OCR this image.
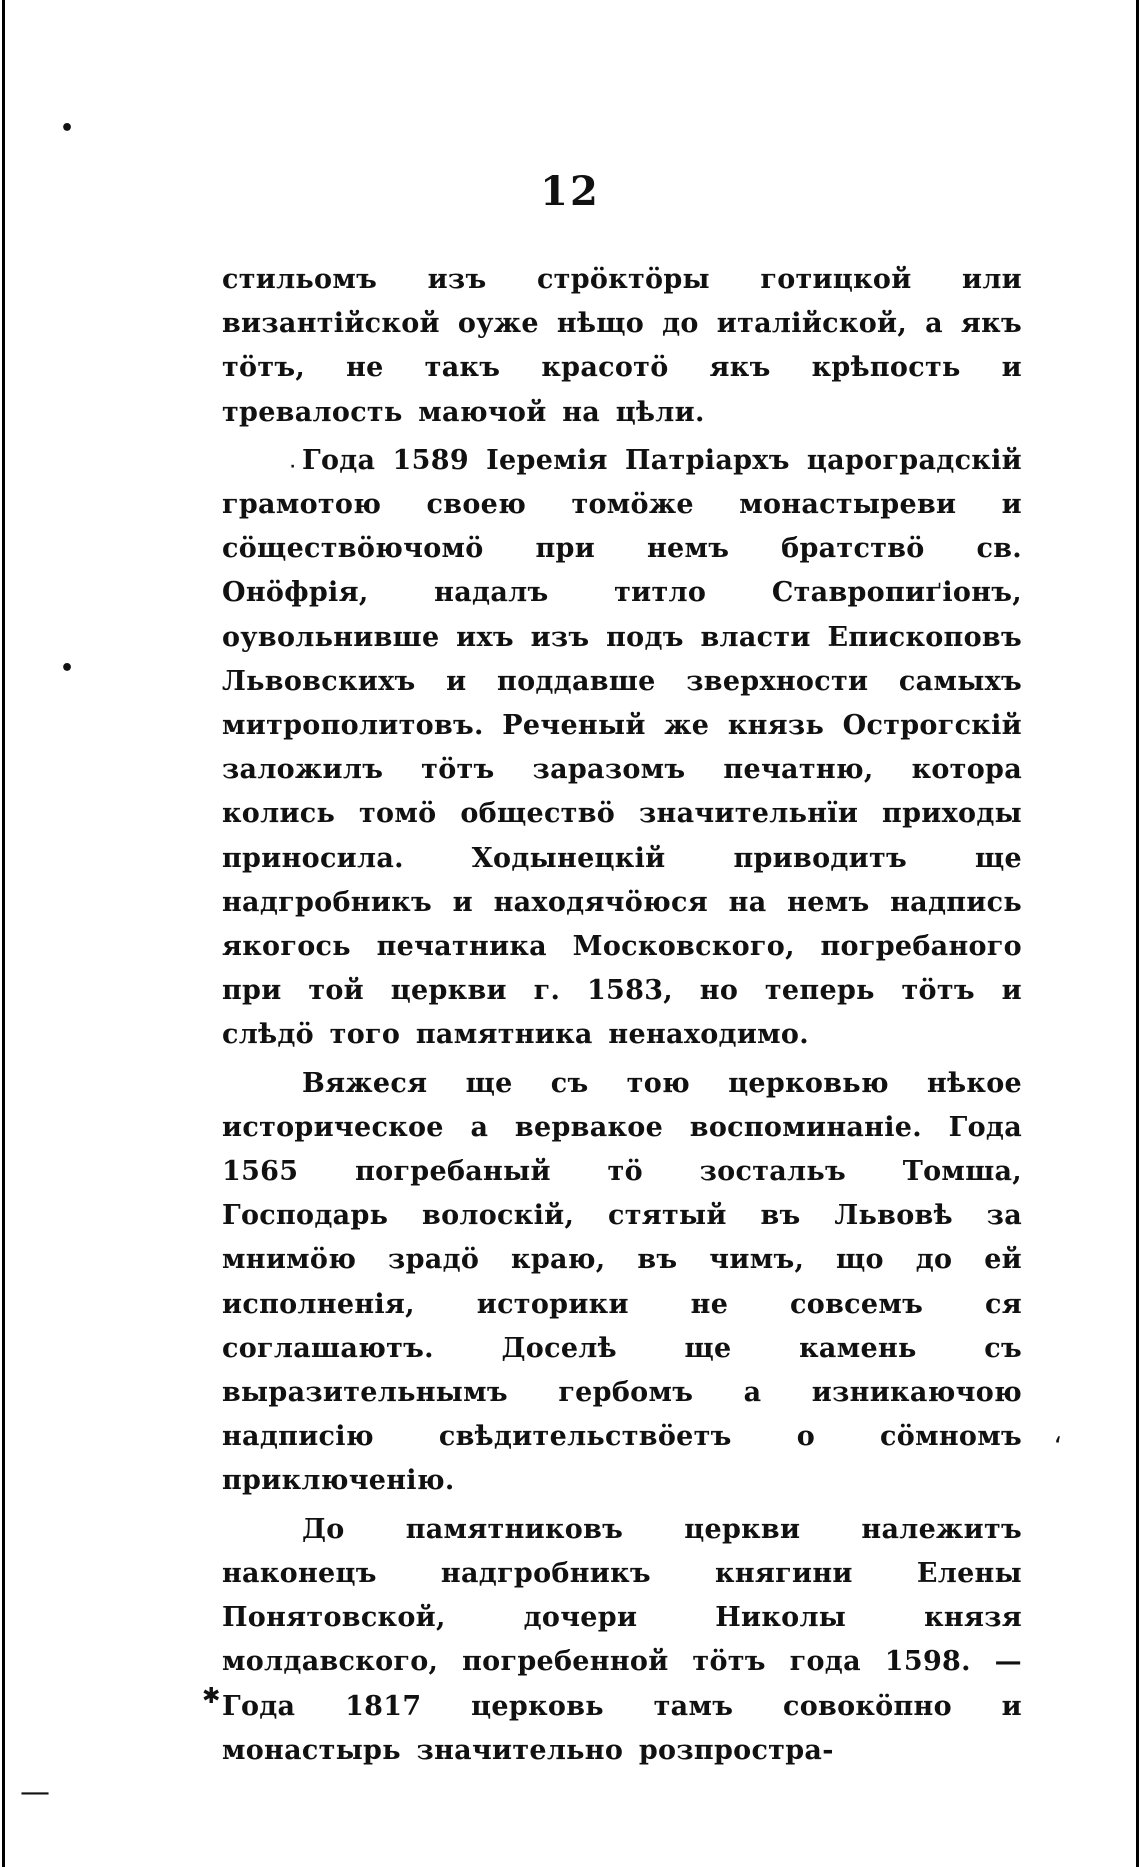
12

стильомъ изъ стрӧктӧры готицкой или византійской оуже нѣщо до италійской, а якъ тӧтъ, не такъ красотӧ якъ крѣпость и тревалость маючой на цѣли.

Года 1589 Іеремія Патріархъ цароградскій грамотою своею томӧже монастыреви и сӧществӧючомӧ при немъ братствӧ св. Онӧфрія, надалъ титло Ставропиґіонъ, оувольнивше ихъ изъ подъ власти Епископовъ Львовскихъ и поддавше зверхности самыхъ митрополитовъ. Реченый же князь Острогскій заложилъ тӧтъ заразомъ печатню, котора колись томӧ обществӧ значительнїи приходы приносила. Ходынецкій приводитъ ще надгробникъ и находячӧюся на немъ надпись якогось печатника Московского, погребаного при той церкви г. 1583, но теперь тӧтъ и слѣдӧ того памятника ненаходимо.

Вяжеся ще съ тою церковью нѣкое историческое а вервакое воспоминаніе. Года 1565 погребаный тӧ зостальъ Томша, Господарь волоскій, стятый въ Львовѣ за мнимӧю зрадӧ краю, въ чимъ, що до ей исполненія, историки не совсемъ ся соглашаютъ. Доселѣ ще камень съ выразительнымъ гербомъ а изникаючою надписію свѣдительствӧетъ о сӧмномъ приключенію.

До памятниковъ церкви належитъ наконецъ надгробникъ княгини Елены Понятовской, дочери Николы князя молдавского, погребенной тӧтъ года 1598. — Года 1817 церковь тамъ совокӧпно и монастырь значительно розпростра-

•
•
·
ʻ
✱
—
